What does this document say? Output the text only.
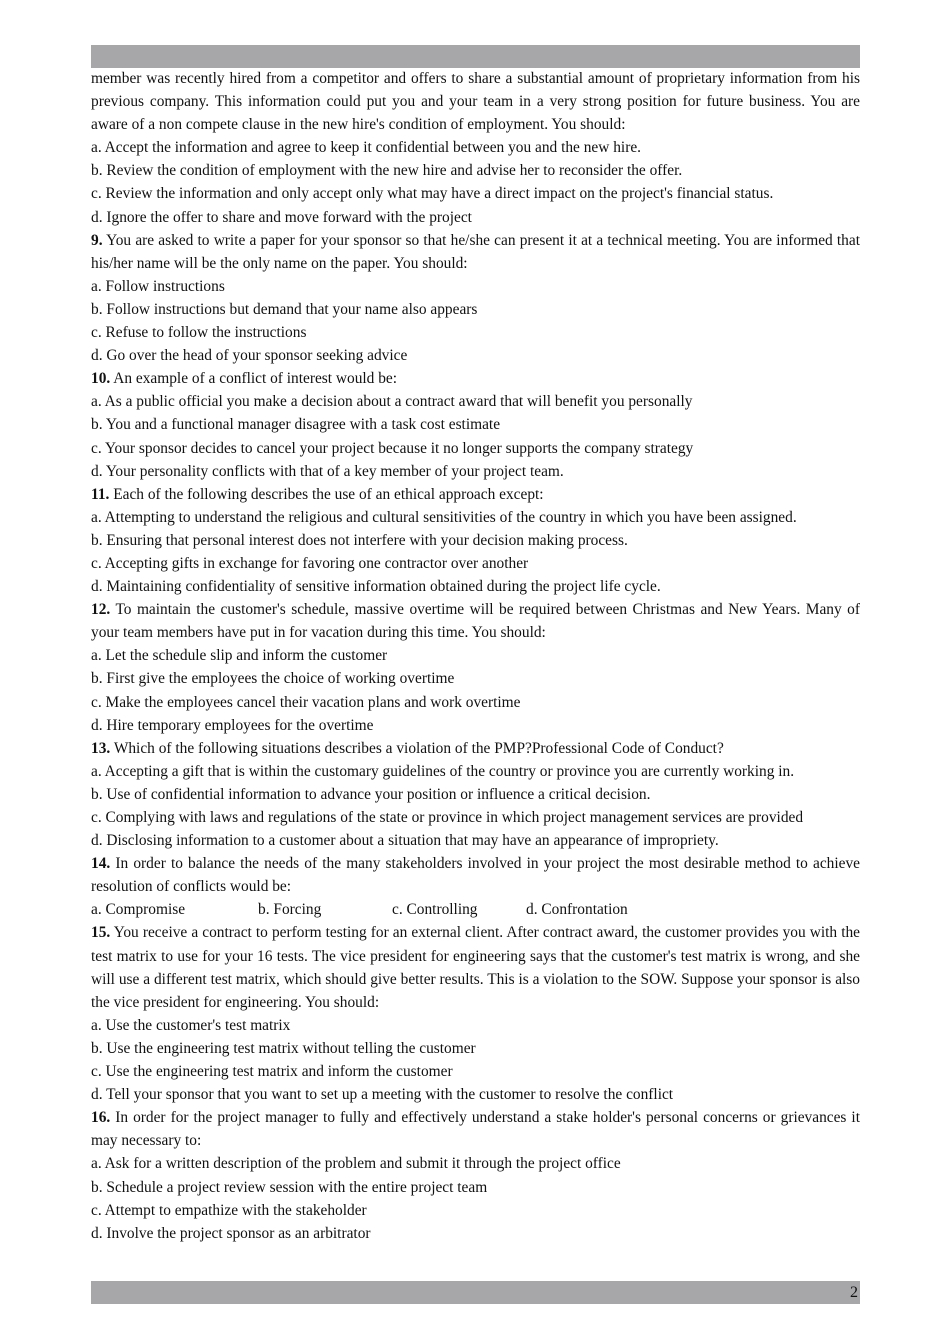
member was recently hired from a competitor and offers to share a substantial amount of proprietary information from his previous company. This information could put you and your team in a very strong position for future business. You are aware of a non compete clause in the new hire's condition of employment. You should:

a. Accept the information and agree to keep it confidential between you and the new hire.

b. Review the condition of employment with the new hire and advise her to reconsider the offer.

c. Review the information and only accept only what may have a direct impact on the project's financial status.

d. Ignore the offer to share and move forward with the project

9. You are asked to write a paper for your sponsor so that he/she can present it at a technical meeting. You are informed that his/her name will be the only name on the paper. You should:

a. Follow instructions

b. Follow instructions but demand that your name also appears

c. Refuse to follow the instructions

d. Go over the head of your sponsor seeking advice

10. An example of a conflict of interest would be:

a. As a public official you make a decision about a contract award that will benefit you personally

b. You and a functional manager disagree with a task cost estimate

c. Your sponsor decides to cancel your project because it no longer supports the company strategy

d. Your personality conflicts with that of a key member of your project team.

11. Each of the following describes the use of an ethical approach except:

a. Attempting to understand the religious and cultural sensitivities of the country in which you have been assigned.

b. Ensuring that personal interest does not interfere with your decision making process.

c. Accepting gifts in exchange for favoring one contractor over another

d. Maintaining confidentiality of sensitive information obtained during the project life cycle.

12. To maintain the customer's schedule, massive overtime will be required between Christmas and New Years. Many of your team members have put in for vacation during this time. You should:

a. Let the schedule slip and inform the customer

b. First give the employees the choice of working overtime

c. Make the employees cancel their vacation plans and work overtime

d. Hire temporary employees for the overtime

13. Which of the following situations describes a violation of the PMP?Professional Code of Conduct?

a. Accepting a gift that is within the customary guidelines of the country or province you are currently working in.

b. Use of confidential information to advance your position or influence a critical decision.

c. Complying with laws and regulations of the state or province in which project management services are provided

d. Disclosing information to a customer about a situation that may have an appearance of impropriety.

14. In order to balance the needs of the many stakeholders involved in your project the most desirable method to achieve resolution of conflicts would be:

a. Compromise	b. Forcing	c. Controlling	d. Confrontation

15. You receive a contract to perform testing for an external client. After contract award, the customer provides you with the test matrix to use for your 16 tests. The vice president for engineering says that the customer's test matrix is wrong, and she will use a different test matrix, which should give better results. This is a violation to the SOW. Suppose your sponsor is also the vice president for engineering. You should:

a. Use the customer's test matrix

b. Use the engineering test matrix without telling the customer

c. Use the engineering test matrix and inform the customer

d. Tell your sponsor that you want to set up a meeting with the customer to resolve the conflict

16. In order for the project manager to fully and effectively understand a stake holder's personal concerns or grievances it may necessary to:

a. Ask for a written description of the problem and submit it through the project office

b. Schedule a project review session with the entire project team

c. Attempt to empathize with the stakeholder

d. Involve the project sponsor as an arbitrator

2
